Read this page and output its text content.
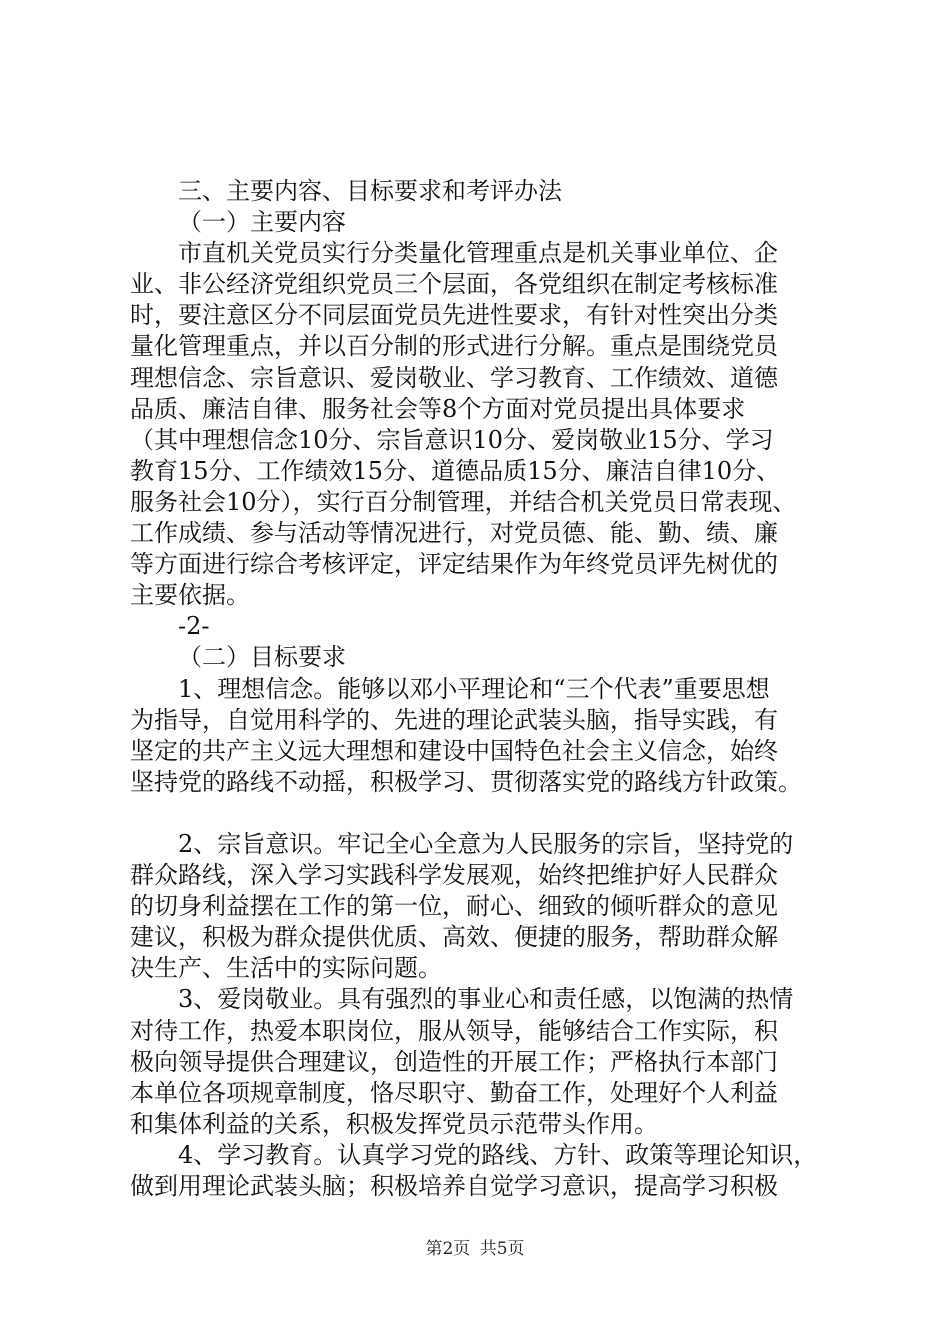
三、主要内容、目标要求和考评办法
（一）主要内容
市直机关党员实行分类量化管理重点是机关事业单位、企
业、非公经济党组织党员三个层面，各党组织在制定考核标准
时，要注意区分不同层面党员先进性要求，有针对性突出分类
量化管理重点，并以百分制的形式进行分解。重点是围绕党员
理想信念、宗旨意识、爱岗敬业、学习教育、工作绩效、道德
品质、廉洁自律、服务社会等8个方面对党员提出具体要求
（其中理想信念10分、宗旨意识10分、爱岗敬业15分、学习
教育15分、工作绩效15分、道德品质15分、廉洁自律10分、
服务社会10分），实行百分制管理，并结合机关党员日常表现、
工作成绩、参与活动等情况进行，对党员德、能、勤、绩、廉
等方面进行综合考核评定，评定结果作为年终党员评先树优的
主要依据。
-2-
（二）目标要求
1、理想信念。能够以邓小平理论和“三个代表”重要思想
为指导，自觉用科学的、先进的理论武装头脑，指导实践，有
坚定的共产主义远大理想和建设中国特色社会主义信念，始终
坚持党的路线不动摇，积极学习、贯彻落实党的路线方针政策。
2、宗旨意识。牢记全心全意为人民服务的宗旨，坚持党的
群众路线，深入学习实践科学发展观，始终把维护好人民群众
的切身利益摆在工作的第一位，耐心、细致的倾听群众的意见
建议，积极为群众提供优质、高效、便捷的服务，帮助群众解
决生产、生活中的实际问题。
3、爱岗敬业。具有强烈的事业心和责任感，以饱满的热情
对待工作，热爱本职岗位，服从领导，能够结合工作实际，积
极向领导提供合理建议，创造性的开展工作；严格执行本部门
本单位各项规章制度，恪尽职守、勤奋工作，处理好个人利益
和集体利益的关系，积极发挥党员示范带头作用。
4、学习教育。认真学习党的路线、方针、政策等理论知识，
做到用理论武装头脑；积极培养自觉学习意识，提高学习积极
第2页 共5页
